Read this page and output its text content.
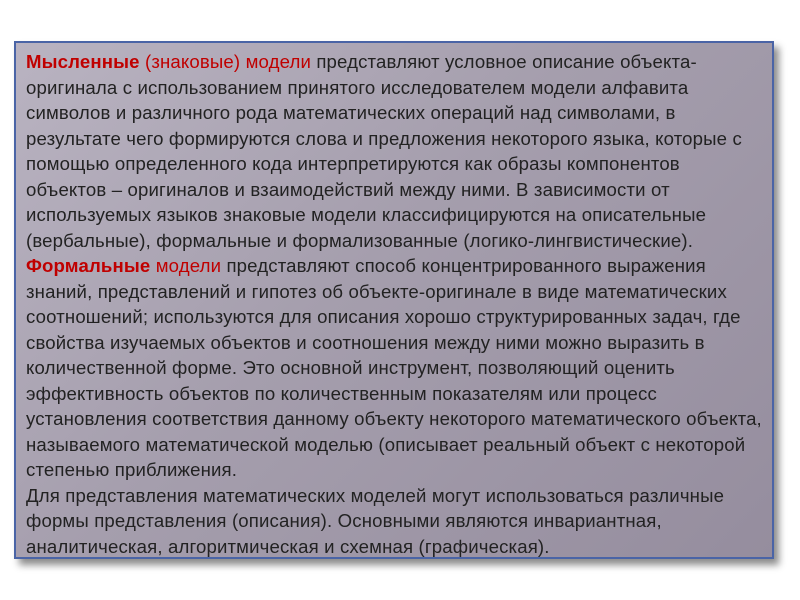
Мысленные (знаковые) модели представляют условное описание объекта-оригинала с использованием принятого исследователем модели алфавита символов и различного рода математических операций над символами, в результате чего формируются слова и предложения некоторого языка, которые с помощью определенного кода интерпретируются как образы компонентов объектов – оригиналов и взаимодействий между ними. В зависимости от используемых языков знаковые модели классифицируются на описательные (вербальные), формальные и формализованные (логико-лингвистические).

Формальные модели представляют способ концентрированного выражения знаний, представлений и гипотез об объекте-оригинале в виде математических соотношений; используются для описания хорошо структурированных задач, где свойства изучаемых объектов и соотношения между ними можно выразить в количественной форме. Это основной инструмент, позволяющий оценить эффективность объектов по количественным показателям или процесс установления соответствия данному объекту некоторого математического объекта, называемого математической моделью (описывает реальный объект с некоторой степенью приближения.

Для представления математических моделей могут использоваться различные формы представления (описания). Основными являются инвариантная, аналитическая, алгоритмическая и схемная (графическая).
